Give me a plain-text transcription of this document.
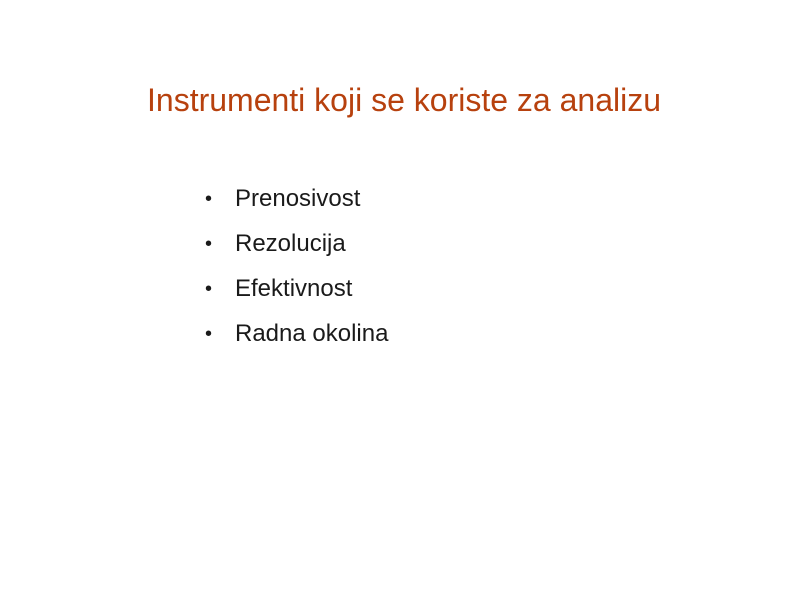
Instrumenti koji se koriste za analizu
• Prenosivost
• Rezolucija
• Efektivnost
• Radna okolina
